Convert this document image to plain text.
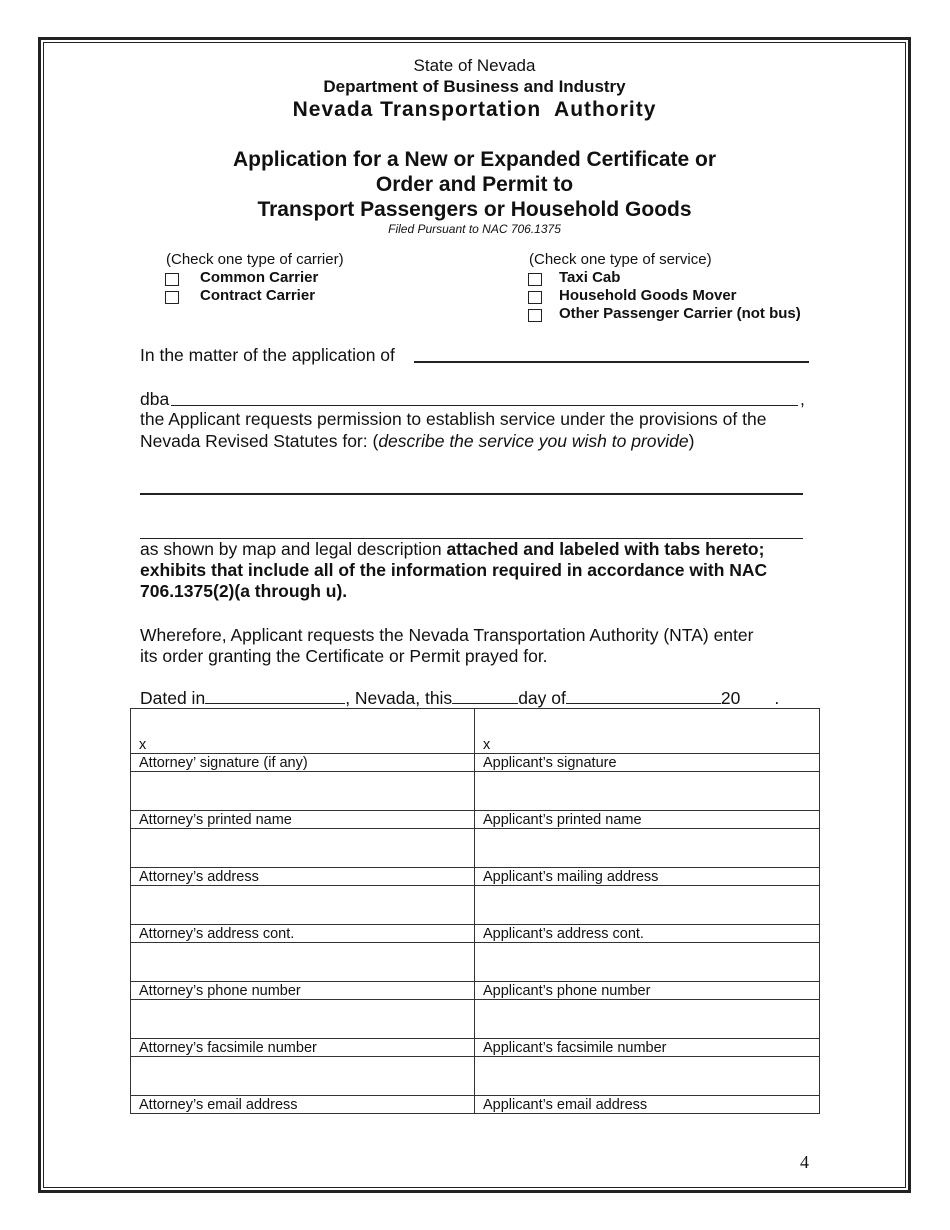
State of Nevada
Department of Business and Industry
Nevada Transportation  Authority
Application for a New or Expanded Certificate or
Order and Permit to
Transport Passengers or Household Goods
Filed Pursuant to NAC 706.1375
(Check one type of carrier)
Common Carrier
Contract Carrier
(Check one type of service)
Taxi Cab
Household Goods Mover
Other Passenger Carrier (not bus)
In the matter of the application of
dba	,
the Applicant requests permission to establish service under the provisions of the
Nevada Revised Statutes for: (describe the service you wish to provide)
as shown by map and legal description attached and labeled with tabs hereto;
exhibits that include all of the information required in accordance with NAC
706.1375(2)(a through u).
Wherefore, Applicant requests the Nevada Transportation Authority (NTA) enter
its order granting the Certificate or Permit prayed for.
Dated in	, Nevada, this	day of	20 .
x	x
Attorney’ signature (if any)	Applicant’s signature

Attorney’s printed name	Applicant’s printed name

Attorney’s address	Applicant’s mailing address

Attorney’s address cont.	Applicant’s address cont.

Attorney’s phone number	Applicant’s phone number

Attorney’s facsimile number	Applicant’s facsimile number

Attorney’s email address	Applicant’s email address
4
